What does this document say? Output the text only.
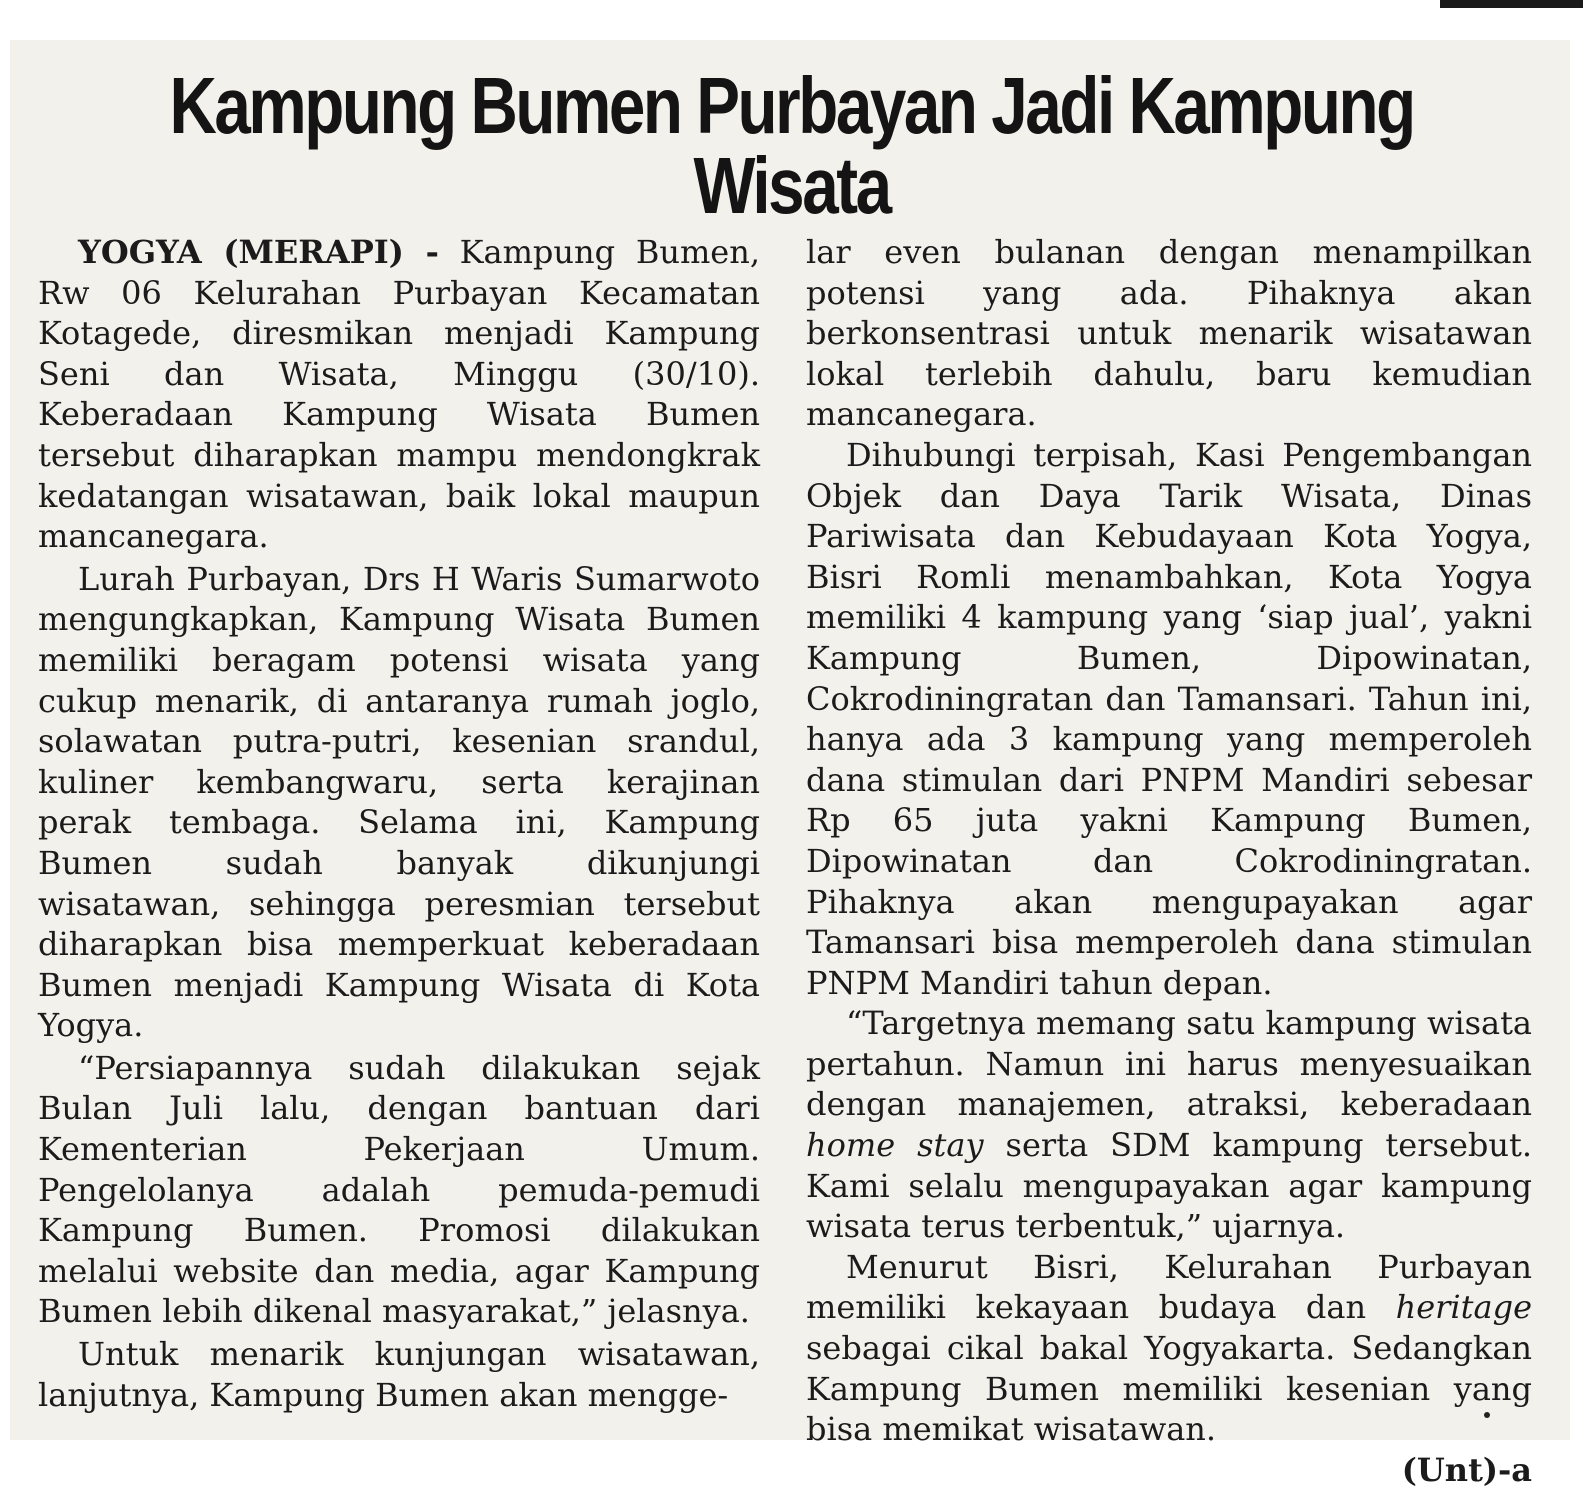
Kampung Bumen Purbayan Jadi Kampung Wisata

YOGYA (MERAPI) - Kampung Bumen, Rw 06 Kelurahan Purbayan Kecamatan Kotagede, diresmikan menjadi Kampung Seni dan Wisata, Minggu (30/10). Keberadaan Kampung Wisata Bumen tersebut diharapkan mampu mendongkrak kedatangan wisatawan, baik lokal maupun mancanegara.

Lurah Purbayan, Drs H Waris Sumarwoto mengungkapkan, Kampung Wisata Bumen memiliki beragam potensi wisata yang cukup menarik, di antaranya rumah joglo, solawatan putra-putri, kesenian srandul, kuliner kembangwaru, serta kerajinan perak tembaga. Selama ini, Kampung Bumen sudah banyak dikunjungi wisatawan, sehingga peresmian tersebut diharapkan bisa memperkuat keberadaan Bumen menjadi Kampung Wisata di Kota Yogya.

“Persiapannya sudah dilakukan sejak Bulan Juli lalu, dengan bantuan dari Kementerian Pekerjaan Umum. Pengelolanya adalah pemuda-pemudi Kampung Bumen. Promosi dilakukan melalui website dan media, agar Kampung Bumen lebih dikenal masyarakat,” jelasnya.

Untuk menarik kunjungan wisatawan, lanjutnya, Kampung Bumen akan mengge-

lar even bulanan dengan menampilkan potensi yang ada. Pihaknya akan berkonsentrasi untuk menarik wisatawan lokal terlebih dahulu, baru kemudian mancanegara.

Dihubungi terpisah, Kasi Pengembangan Objek dan Daya Tarik Wisata, Dinas Pariwisata dan Kebudayaan Kota Yogya, Bisri Romli menambahkan, Kota Yogya memiliki 4 kampung yang ‘siap jual’, yakni Kampung Bumen, Dipowinatan, Cokrodiningratan dan Tamansari. Tahun ini, hanya ada 3 kampung yang memperoleh dana stimulan dari PNPM Mandiri sebesar Rp 65 juta yakni Kampung Bumen, Dipowinatan dan Cokrodiningratan. Pihaknya akan mengupayakan agar Tamansari bisa memperoleh dana stimulan PNPM Mandiri tahun depan.

“Targetnya memang satu kampung wisata pertahun. Namun ini harus menyesuaikan dengan manajemen, atraksi, keberadaan home stay serta SDM kampung tersebut. Kami selalu mengupayakan agar kampung wisata terus terbentuk,” ujarnya.

Menurut Bisri, Kelurahan Purbayan memiliki kekayaan budaya dan heritage sebagai cikal bakal Yogyakarta. Sedangkan Kampung Bumen memiliki kesenian yang bisa memikat wisatawan.

(Unt)-a
